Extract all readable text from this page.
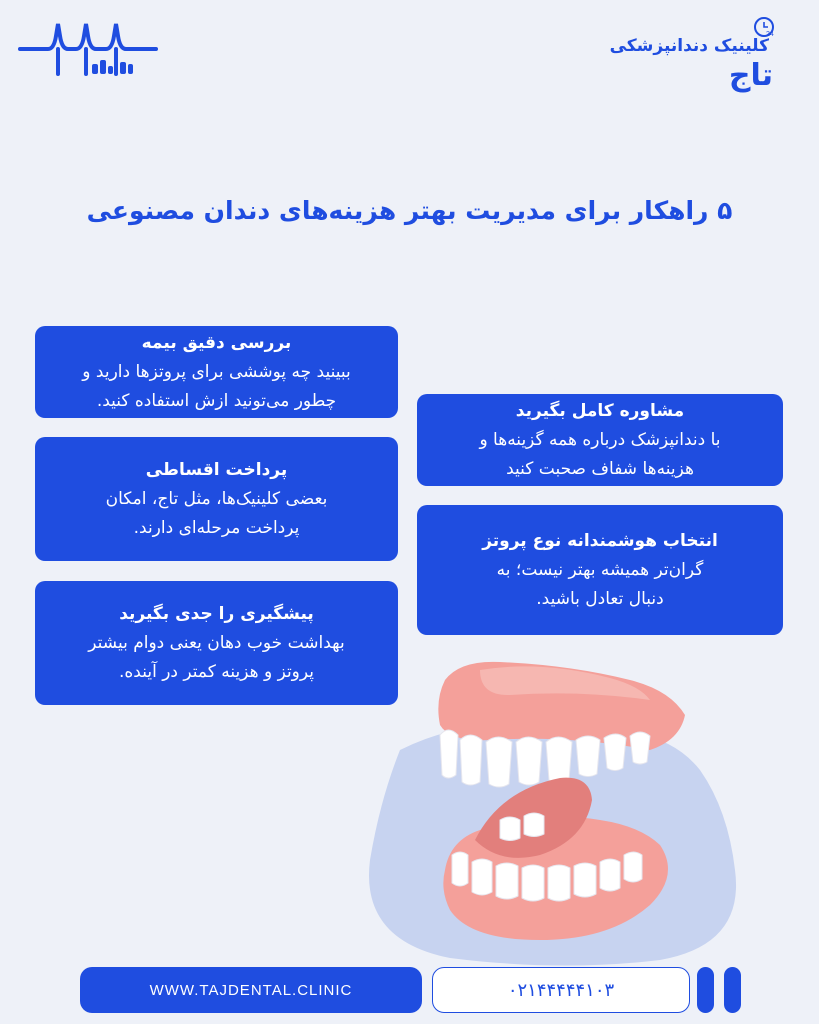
24
کلینیک دندانپزشکی
تاج
۵ راهکار برای مدیریت بهتر هزینه‌های دندان مصنوعی
بررسی دقیق بیمه
ببینید چه پوششی برای پروتزها دارید و
چطور می‌تونید ازش استفاده کنید.
پرداخت اقساطی
بعضی کلینیک‌ها، مثل تاج، امکان
پرداخت مرحله‌ای دارند.
پیشگیری را جدی بگیرید
بهداشت خوب دهان یعنی دوام بیشتر
پروتز و هزینه کمتر در آینده.
مشاوره کامل بگیرید
با دندانپزشک درباره همه گزینه‌ها و
هزینه‌ها شفاف صحبت کنید
انتخاب هوشمندانه نوع پروتز
گران‌تر همیشه بهتر نیست؛ به
دنبال تعادل باشید.
WWW.TAJDENTAL.CLINIC	۰۲۱۴۴۴۴۴۱۰۳
